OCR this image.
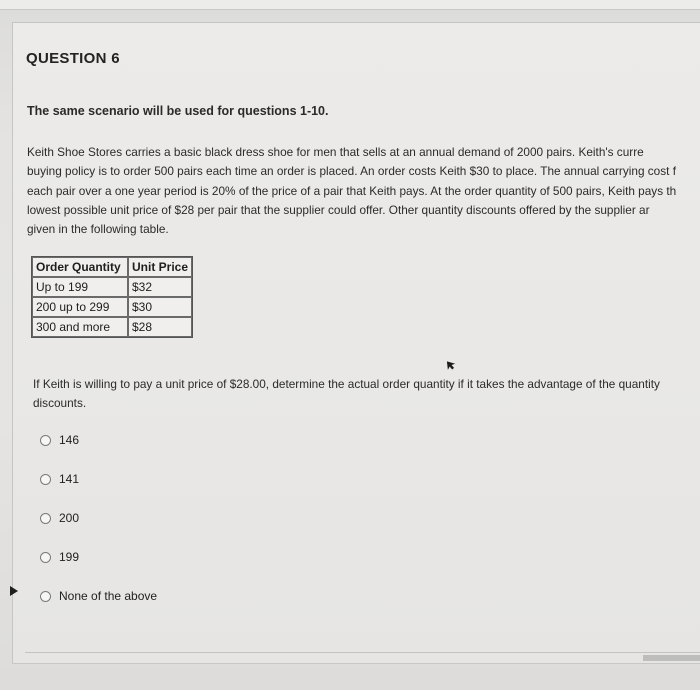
QUESTION 6
The same scenario will be used for questions 1-10.
Keith Shoe Stores carries a basic black dress shoe for men that sells at an annual demand of 2000 pairs. Keith's curre
buying policy is to order 500 pairs each time an order is placed. An order costs Keith $30 to place. The annual carrying cost f
each pair over a one year period is 20% of the price of a pair that Keith pays. At the order quantity of 500 pairs, Keith pays th
lowest possible unit price of $28 per pair that the supplier could offer. Other quantity discounts offered by the supplier ar
given in the following table.
Order Quantity	Unit Price
Up to 199	$32
200 up to 299	$30
300 and more	$28
If Keith is willing to pay a unit price of $28.00, determine the actual order quantity if it takes the advantage of the quantity
discounts.
146
141
200
199
None of the above
